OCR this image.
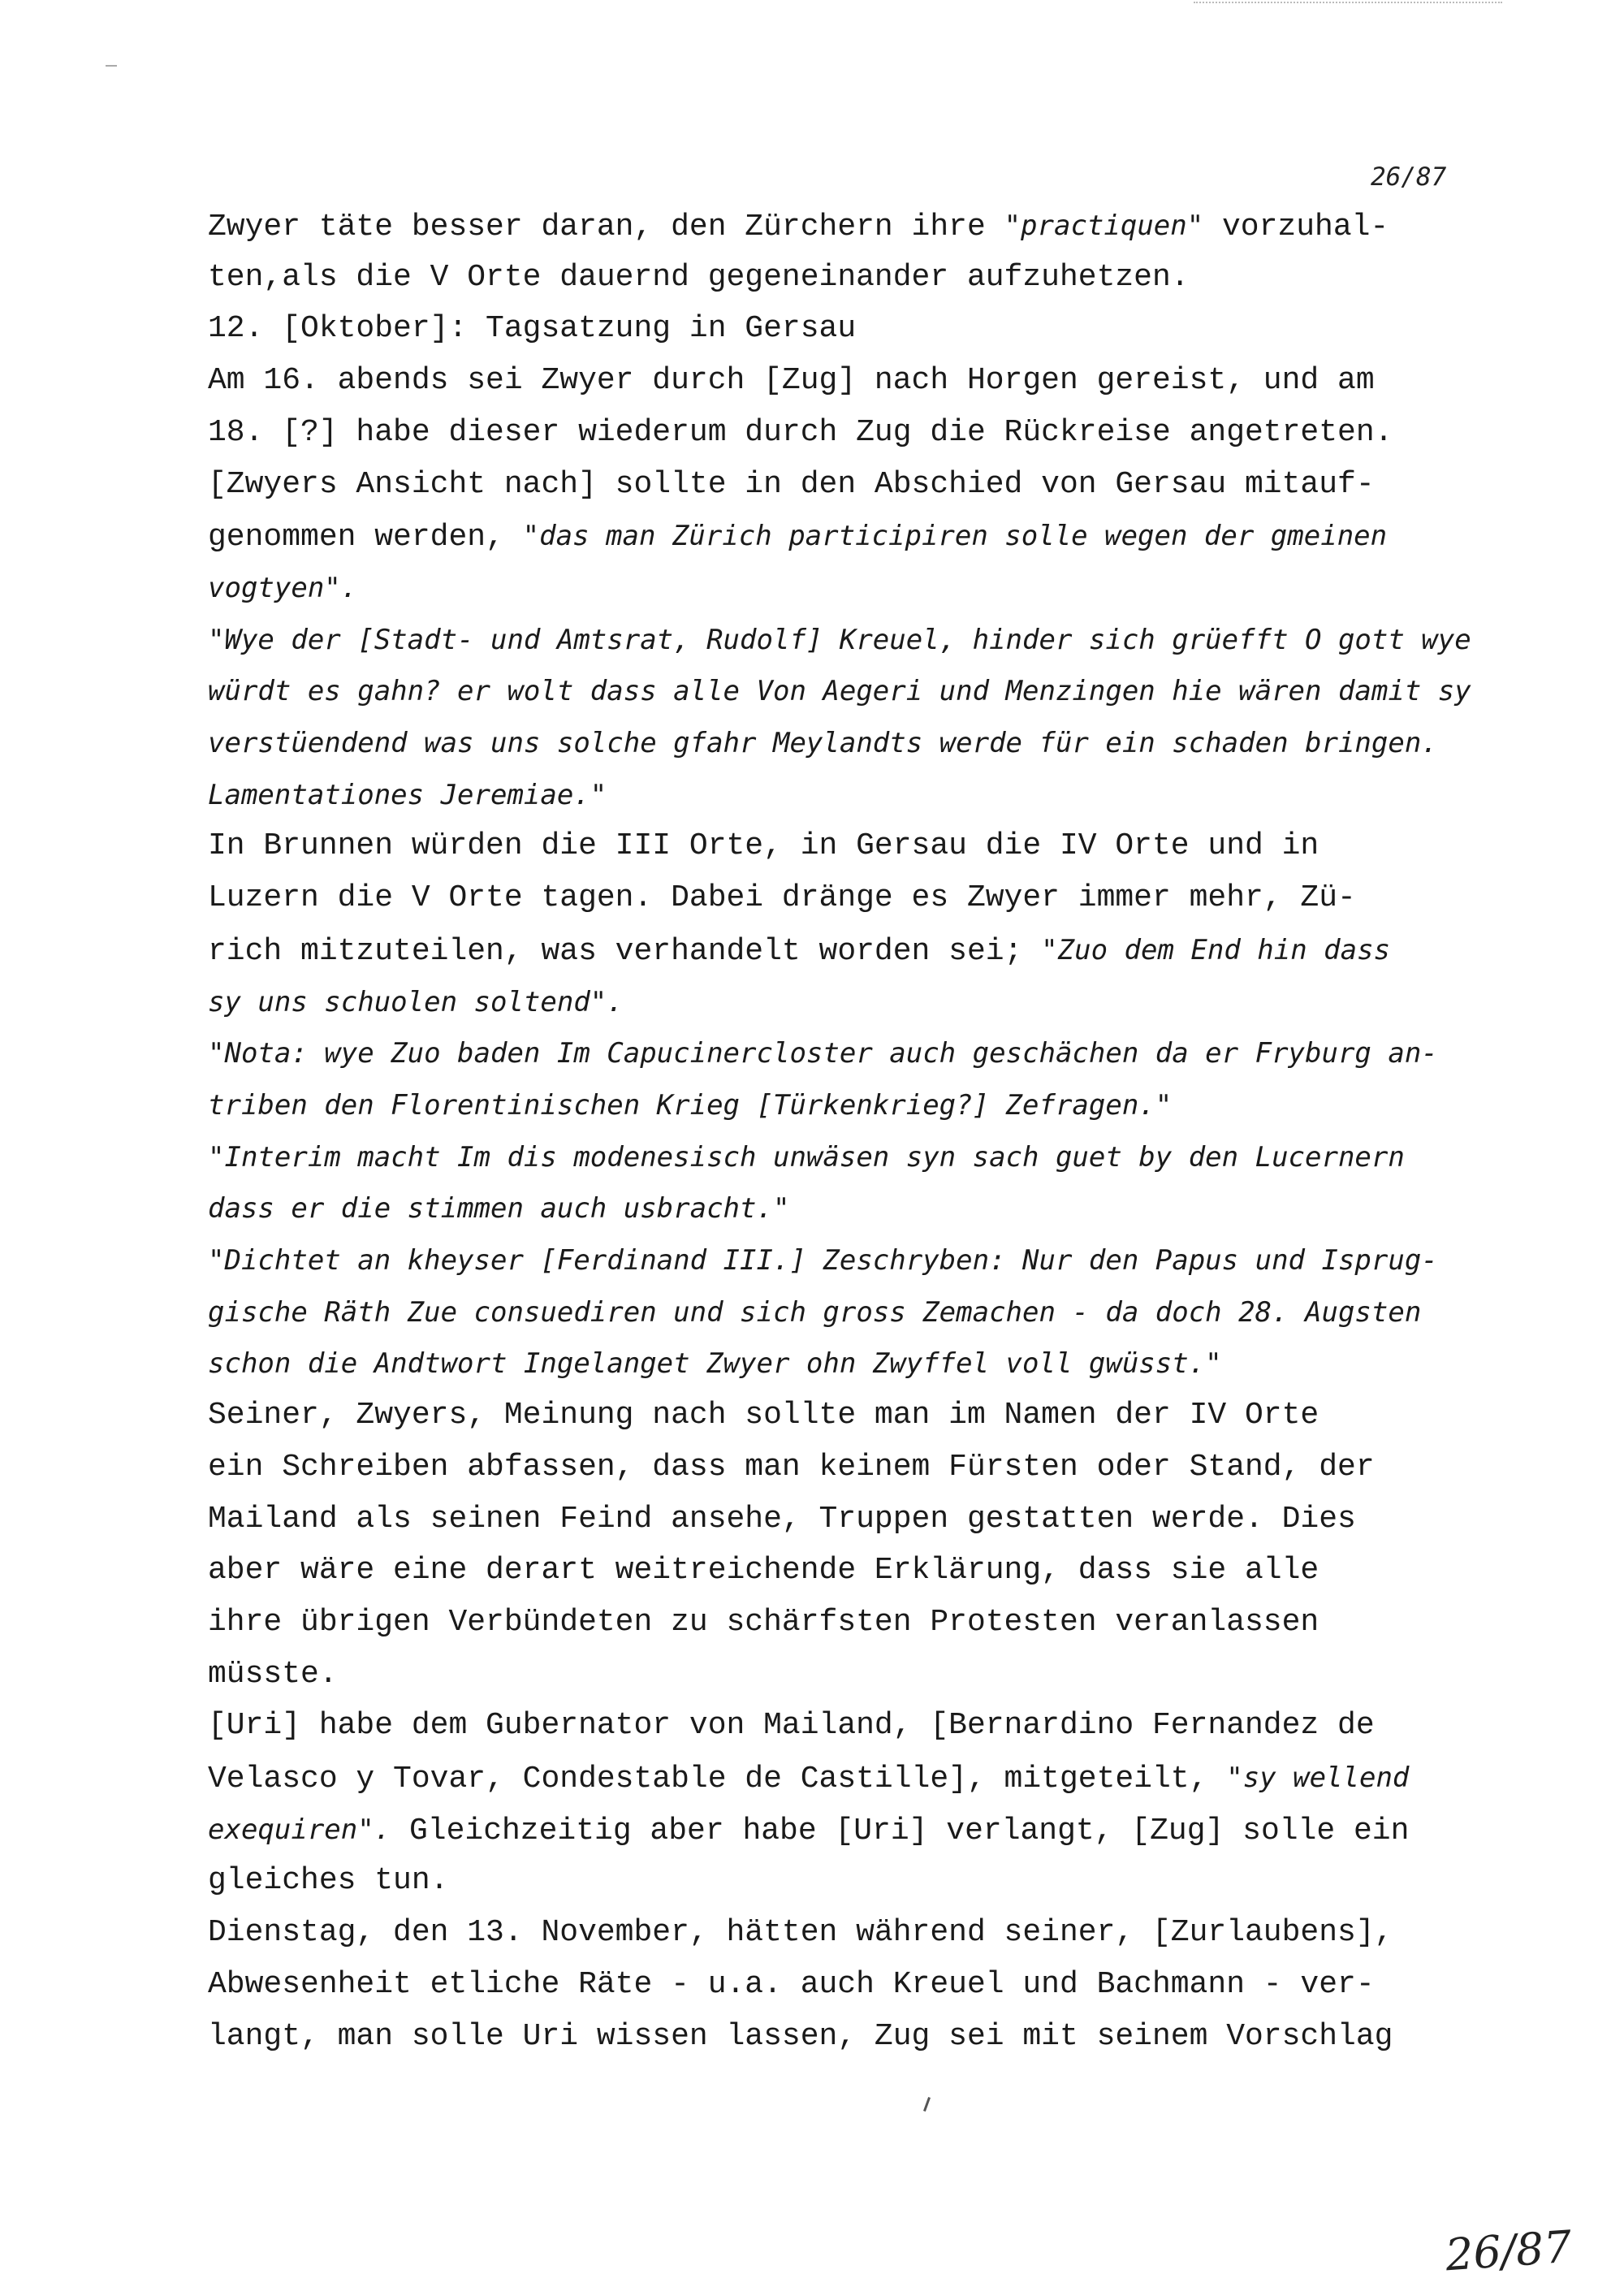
26/87
Zwyer täte besser daran, den Zürchern ihre "practiquen" vorzuhal-
ten,als die V Orte dauernd gegeneinander aufzuhetzen.
12. [Oktober]: Tagsatzung in Gersau
Am 16. abends sei Zwyer durch [Zug] nach Horgen gereist, und am
18. [?] habe dieser wiederum durch Zug die Rückreise angetreten.
[Zwyers Ansicht nach] sollte in den Abschied von Gersau mitauf-
genommen werden, "das man Zürich participiren solle wegen der gmeinen
vogtyen".
"Wye der [Stadt- und Amtsrat, Rudolf] Kreuel, hinder sich grüefft O gott wye
würdt es gahn? er wolt dass alle Von Aegeri und Menzingen hie wären damit sy
verstüendend was uns solche gfahr Meylandts werde für ein schaden bringen.
Lamentationes Jeremiae."
In Brunnen würden die III Orte, in Gersau die IV Orte und in
Luzern die V Orte tagen. Dabei dränge es Zwyer immer mehr, Zü-
rich mitzuteilen, was verhandelt worden sei; "Zuo dem End hin dass
sy uns schuolen soltend".
"Nota: wye Zuo baden Im Capucinercloster auch geschächen da er Fryburg an-
triben den Florentinischen Krieg [Türkenkrieg?] Zefragen."
"Interim macht Im dis modenesisch unwäsen syn sach guet by den Lucernern
dass er die stimmen auch usbracht."
"Dichtet an kheyser [Ferdinand III.] Zeschryben: Nur den Papus und Isprug-
gische Räth Zue consuediren und sich gross Zemachen - da doch 28. Augsten
schon die Andtwort Ingelanget Zwyer ohn Zwyffel voll gwüsst."
Seiner, Zwyers, Meinung nach sollte man im Namen der IV Orte
ein Schreiben abfassen, dass man keinem Fürsten oder Stand, der
Mailand als seinen Feind ansehe, Truppen gestatten werde. Dies
aber wäre eine derart weitreichende Erklärung, dass sie alle
ihre übrigen Verbündeten zu schärfsten Protesten veranlassen
müsste.
[Uri] habe dem Gubernator von Mailand, [Bernardino Fernandez de
Velasco y Tovar, Condestable de Castille], mitgeteilt, "sy wellend
exequiren". Gleichzeitig aber habe [Uri] verlangt, [Zug] solle ein
gleiches tun.
Dienstag, den 13. November, hätten während seiner, [Zurlaubens],
Abwesenheit etliche Räte - u.a. auch Kreuel und Bachmann - ver-
langt, man solle Uri wissen lassen, Zug sei mit seinem Vorschlag
26/87
